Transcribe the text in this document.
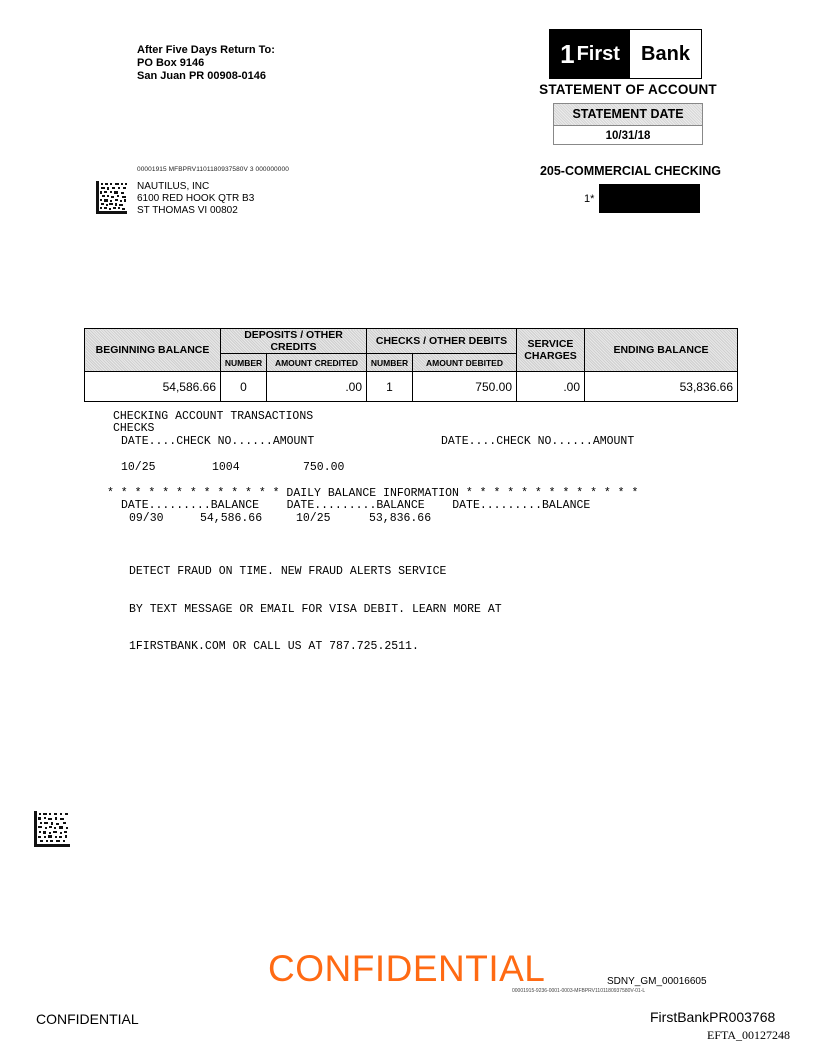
After Five Days Return To:
PO Box 9146
San Juan PR 00908-0146
1 First	Bank
STATEMENT OF ACCOUNT
STATEMENT DATE
10/31/18
205-COMMERCIAL CHECKING
1*
00001915 MFBPRV1101180937580V 3 000000000
NAUTILUS, INC
6100 RED HOOK QTR B3
ST THOMAS VI 00802
BEGINNING BALANCE	DEPOSITS / OTHER CREDITS		CHECKS / OTHER DEBITS		SERVICE
CHARGES	ENDING BALANCE
	NUMBER	AMOUNT CREDITED	NUMBER	AMOUNT DEBITED		
54,586.66	0	.00	1	750.00	.00	53,836.66
CHECKING ACCOUNT TRANSACTIONS
CHECKS
DATE....CHECK NO......AMOUNT	DATE....CHECK NO......AMOUNT
10/25	1004	750.00
* * * * * * * * * * * * * DAILY BALANCE INFORMATION * * * * * * * * * * * * *
DATE.........BALANCE    DATE.........BALANCE    DATE.........BALANCE
09/30	54,586.66	10/25	53,836.66

DETECT FRAUD ON TIME. NEW FRAUD ALERTS SERVICE

BY TEXT MESSAGE OR EMAIL FOR VISA DEBIT. LEARN MORE AT

1FIRSTBANK.COM OR CALL US AT 787.725.2511.

CONFIDENTIAL	SDNY_GM_00016605
00001915-9236-0001-0003-MFBPRV1101180937580V-01-L
CONFIDENTIAL	FirstBankPR003768
EFTA_00127248
